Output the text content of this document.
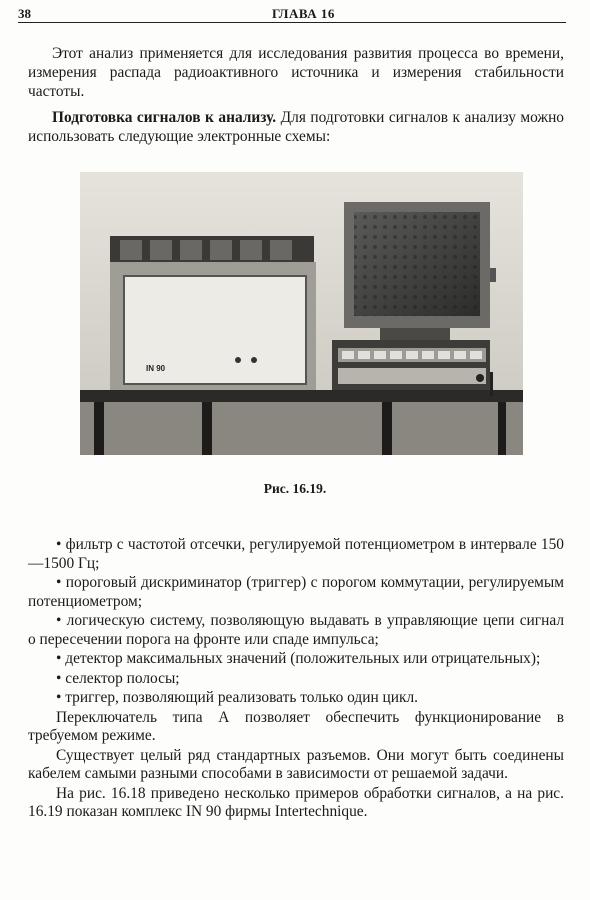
38	ГЛАВА 16

Этот анализ применяется для исследования развития процесса во времени, измерения распада радиоактивного источника и измерения стабильности частоты.

Подготовка сигналов к анализу. Для подготовки сигналов к анализу можно использовать следующие электронные схемы:

IN 90
Рис. 16.19.

• фильтр с частотой отсечки, регулируемой потенциометром в интервале 150—1500 Гц;

• пороговый дискриминатор (триггер) с порогом коммутации, регулируемым потенциометром;

• логическую систему, позволяющую выдавать в управляющие цепи сигнал о пересечении порога на фронте или спаде импульса;

• детектор максимальных значений (положительных или отрицательных);

• селектор полосы;

• триггер, позволяющий реализовать только один цикл.

Переключатель типа А позволяет обеспечить функционирование в требуемом режиме.

Существует целый ряд стандартных разъемов. Они могут быть соединены кабелем самыми разными способами в зависимости от решаемой задачи.

На рис. 16.18 приведено несколько примеров обработки сигналов, а на рис. 16.19 показан комплекс IN 90 фирмы Intertechnique.
